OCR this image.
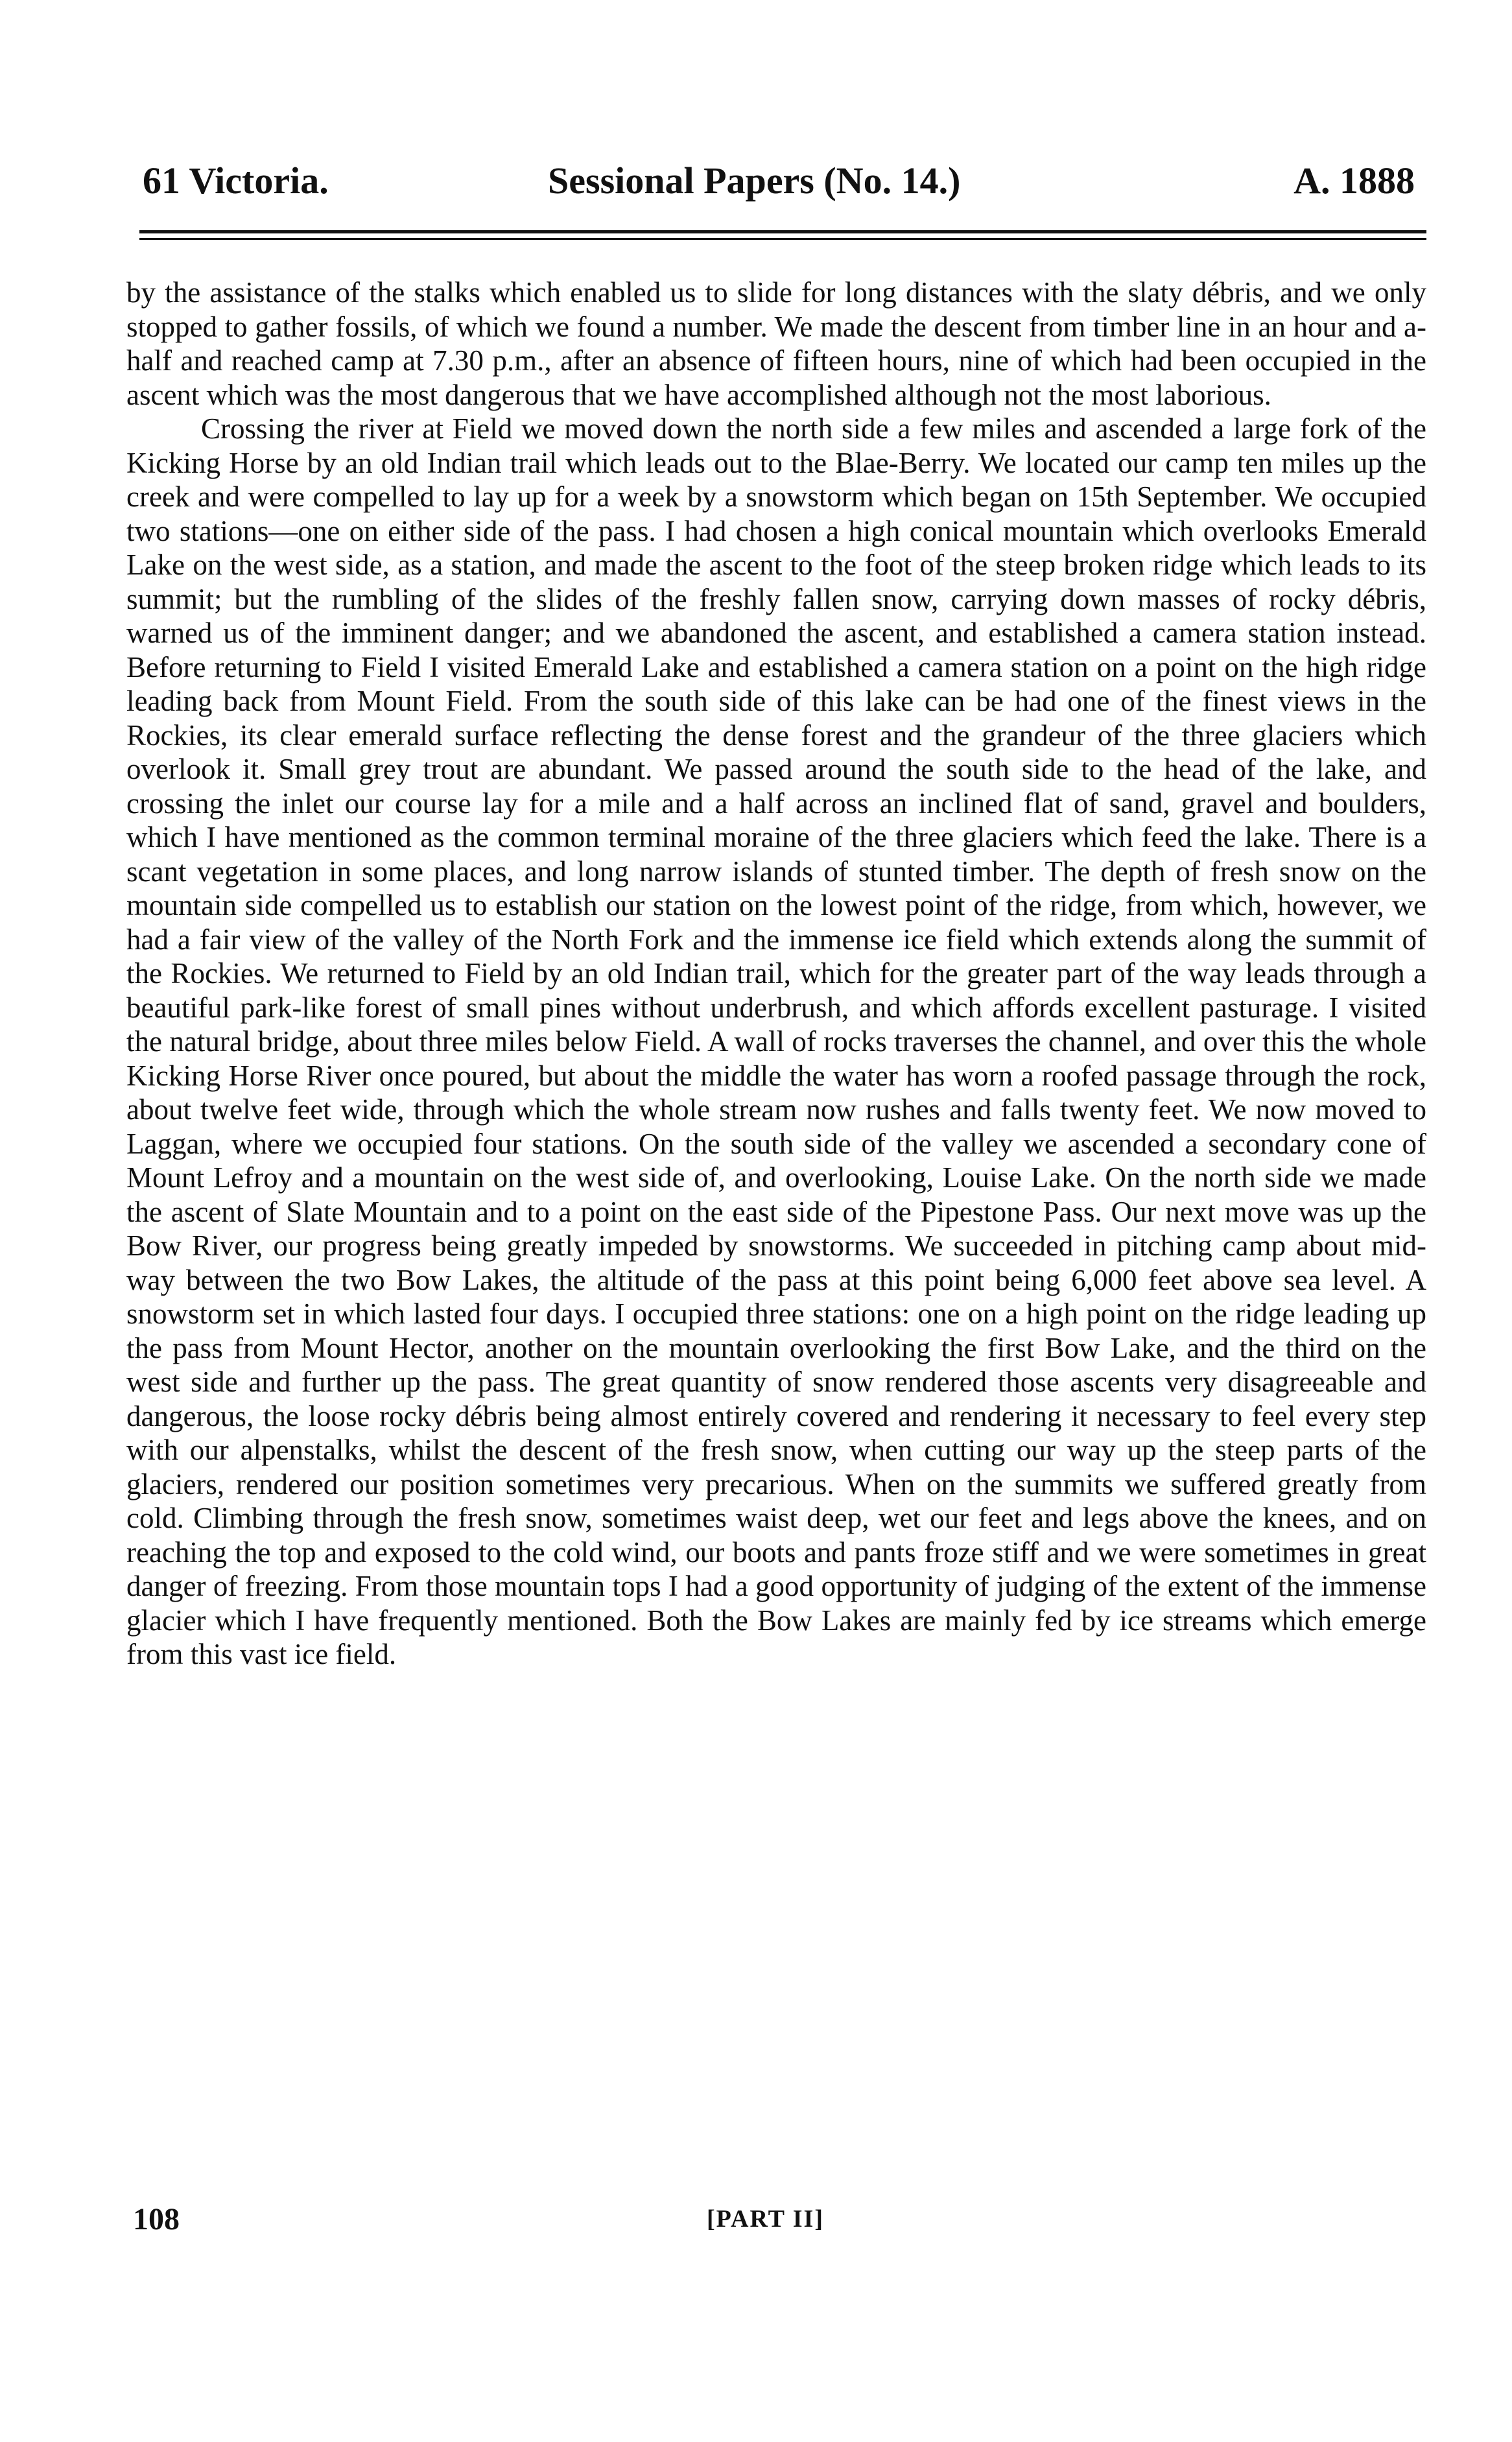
61 Victoria.	Sessional Papers (No. 14.)	A. 1888

by the assistance of the stalks which enabled us to slide for long distances with the slaty débris, and we only stopped to gather fossils, of which we found a number. We made the descent from timber line in an hour and a-half and reached camp at 7.30 p.m., after an absence of fifteen hours, nine of which had been occupied in the ascent which was the most dangerous that we have accomplished although not the most laborious.

Crossing the river at Field we moved down the north side a few miles and ascended a large fork of the Kicking Horse by an old Indian trail which leads out to the Blae-Berry. We located our camp ten miles up the creek and were compelled to lay up for a week by a snowstorm which began on 15th September. We occupied two stations—one on either side of the pass. I had chosen a high conical mountain which overlooks Emerald Lake on the west side, as a station, and made the ascent to the foot of the steep broken ridge which leads to its summit; but the rumbling of the slides of the freshly fallen snow, carrying down masses of rocky débris, warned us of the imminent danger; and we abandoned the ascent, and established a camera station instead. Before returning to Field I visited Emerald Lake and established a camera station on a point on the high ridge leading back from Mount Field. From the south side of this lake can be had one of the finest views in the Rockies, its clear emerald surface reflecting the dense forest and the grandeur of the three glaciers which overlook it. Small grey trout are abundant. We passed around the south side to the head of the lake, and crossing the inlet our course lay for a mile and a half across an inclined flat of sand, gravel and boulders, which I have mentioned as the common terminal moraine of the three glaciers which feed the lake. There is a scant vegetation in some places, and long narrow islands of stunted timber. The depth of fresh snow on the mountain side compelled us to establish our station on the lowest point of the ridge, from which, however, we had a fair view of the valley of the North Fork and the immense ice field which extends along the summit of the Rockies. We returned to Field by an old Indian trail, which for the greater part of the way leads through a beautiful park-like forest of small pines without underbrush, and which affords excellent pasturage. I visited the natural bridge, about three miles below Field. A wall of rocks traverses the channel, and over this the whole Kicking Horse River once poured, but about the middle the water has worn a roofed passage through the rock, about twelve feet wide, through which the whole stream now rushes and falls twenty feet. We now moved to Laggan, where we occupied four stations. On the south side of the valley we ascended a secondary cone of Mount Lefroy and a mountain on the west side of, and overlooking, Louise Lake. On the north side we made the ascent of Slate Mountain and to a point on the east side of the Pipestone Pass. Our next move was up the Bow River, our progress being greatly impeded by snowstorms. We succeeded in pitching camp about mid-way between the two Bow Lakes, the altitude of the pass at this point being 6,000 feet above sea level. A snowstorm set in which lasted four days. I occupied three stations: one on a high point on the ridge leading up the pass from Mount Hector, another on the mountain overlooking the first Bow Lake, and the third on the west side and further up the pass. The great quantity of snow rendered those ascents very disagreeable and dangerous, the loose rocky débris being almost entirely covered and rendering it necessary to feel every step with our alpenstalks, whilst the descent of the fresh snow, when cutting our way up the steep parts of the glaciers, rendered our position sometimes very precarious. When on the summits we suffered greatly from cold. Climbing through the fresh snow, sometimes waist deep, wet our feet and legs above the knees, and on reaching the top and exposed to the cold wind, our boots and pants froze stiff and we were sometimes in great danger of freezing. From those mountain tops I had a good opportunity of judging of the extent of the immense glacier which I have frequently mentioned. Both the Bow Lakes are mainly fed by ice streams which emerge from this vast ice field.

108	[PART II]
